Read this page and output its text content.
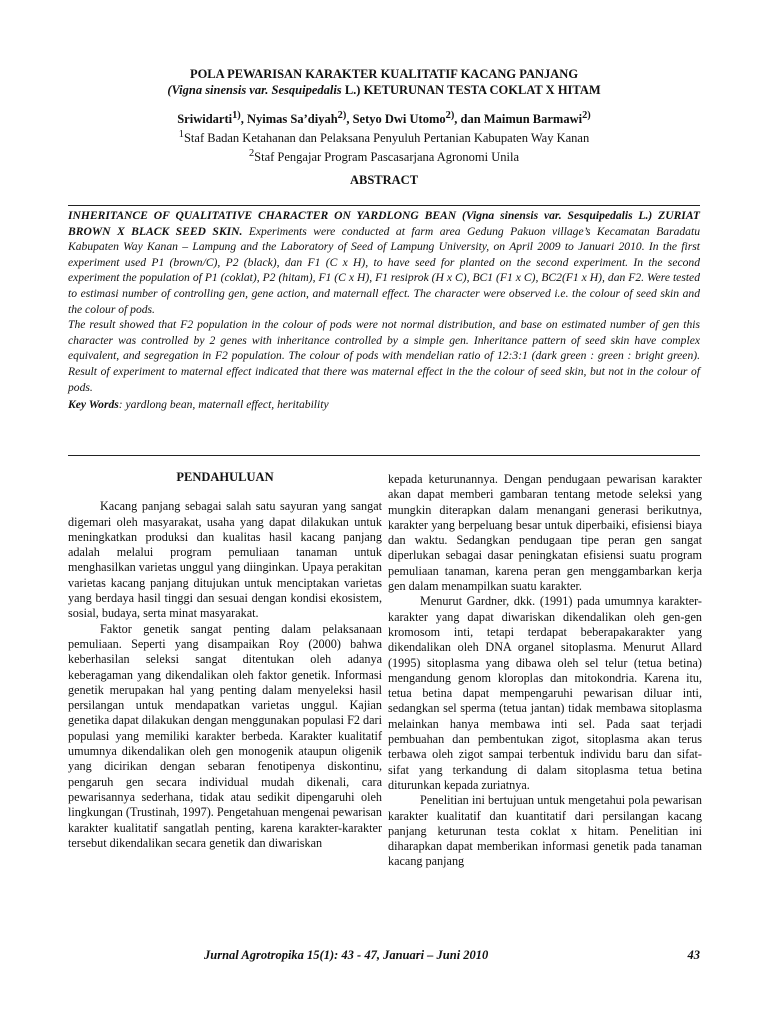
POLA PEWARISAN KARAKTER KUALITATIF KACANG PANJANG
(Vigna sinensis var. Sesquipedalis L.) KETURUNAN TESTA COKLAT X HITAM
Sriwidarti$^{1)}$, Nyimas Sa’diyah$^{2)}$, Setyo Dwi Utomo$^{2)}$, dan Maimun Barmawi$^{2)}$
$^1$Staf Badan Ketahanan dan Pelaksana Penyuluh Pertanian Kabupaten Way Kanan
$^2$Staf Pengajar Program Pascasarjana Agronomi Unila
ABSTRACT

INHERITANCE OF QUALITATIVE CHARACTER ON YARDLONG BEAN (Vigna sinensis var. Sesquipedalis L.) ZURIAT BROWN X BLACK SEED SKIN. Experiments were conducted at farm area Gedung Pakuon village’s Kecamatan Baradatu Kabupaten Way Kanan – Lampung and the Laboratory of Seed of Lampung University, on April 2009 to Januari 2010. In the first experiment used P1 (brown/C), P2 (black), dan F1 (C x H), to have seed for planted on the second experiment. In the second experiment the population of P1 (coklat), P2 (hitam), F1 (C x H), F1 resiprok (H x C), BC1 (F1 x C), BC2(F1 x H), dan F2. Were tested to estimasi number of controlling gen, gene action, and maternall effect. The character were observed i.e. the colour of seed skin and the colour of pods.

The result showed that F2 population in the colour of pods were not normal distribution, and base on estimated number of gen this character was controlled by 2 genes with inheritance controlled by a simple gen. Inheritance pattern of seed skin have complex equivalent, and segregation in F2 population. The colour of pods with mendelian ratio of 12:3:1 (dark green : green : bright green). Result of experiment to maternal effect indicated that there was maternal effect in the the colour of seed skin, but not in the colour of pods.

Key Words: yardlong bean, maternall effect, heritability

PENDAHULUAN

Kacang panjang sebagai salah satu sayuran yang sangat digemari oleh masyarakat, usaha yang dapat dilakukan untuk meningkatkan produksi dan kualitas hasil kacang panjang adalah melalui program pemuliaan tanaman untuk menghasilkan varietas unggul yang diinginkan. Upaya perakitan varietas kacang panjang ditujukan untuk menciptakan varietas yang berdaya hasil tinggi dan sesuai dengan kondisi ekosistem, sosial, budaya, serta minat masyarakat.

Faktor genetik sangat penting dalam pelaksanaan pemuliaan. Seperti yang disampaikan Roy (2000) bahwa keberhasilan seleksi sangat ditentukan oleh adanya keberagaman yang dikendalikan oleh faktor genetik. Informasi genetik merupakan hal yang penting dalam menyeleksi hasil persilangan untuk mendapatkan varietas unggul. Kajian genetika dapat dilakukan dengan menggunakan populasi F2 dari populasi yang memiliki karakter berbeda. Karakter kualitatif umumnya dikendalikan oleh gen monogenik ataupun oligenik yang dicirikan dengan sebaran fenotipenya diskontinu, pengaruh gen secara individual mudah dikenali, cara pewarisannya sederhana, tidak atau sedikit dipengaruhi oleh lingkungan (Trustinah, 1997). Pengetahuan mengenai pewarisan karakter kualitatif sangatlah penting, karena karakter-karakter tersebut dikendalikan secara genetik dan diwariskan

kepada keturunannya. Dengan pendugaan pewarisan karakter akan dapat memberi gambaran tentang metode seleksi yang mungkin diterapkan dalam menangani generasi berikutnya, karakter yang berpeluang besar untuk diperbaiki, efisiensi biaya dan waktu. Sedangkan pendugaan tipe peran gen sangat diperlukan sebagai dasar peningkatan efisiensi suatu program pemuliaan tanaman, karena peran gen menggambarkan kerja gen dalam menampilkan suatu karakter.

Menurut Gardner, dkk. (1991) pada umumnya karakter-karakter yang dapat diwariskan dikendalikan oleh gen-gen kromosom inti, tetapi terdapat beberapakarakter yang dikendalikan oleh DNA organel sitoplasma. Menurut Allard (1995) sitoplasma yang dibawa oleh sel telur (tetua betina) mengandung genom kloroplas dan mitokondria. Karena itu, tetua betina dapat mempengaruhi pewarisan diluar inti, sedangkan sel sperma (tetua jantan) tidak membawa sitoplasma melainkan hanya membawa inti sel. Pada saat terjadi pembuahan dan pembentukan zigot, sitoplasma akan terus terbawa oleh zigot sampai terbentuk individu baru dan sifat-sifat yang terkandung di dalam sitoplasma tetua betina diturunkan kepada zuriatnya.

Penelitian ini bertujuan untuk mengetahui pola pewarisan karakter kualitatif dan kuantitatif dari persilangan kacang panjang keturunan testa coklat x hitam. Penelitian ini diharapkan dapat memberikan informasi genetik pada tanaman kacang panjang

Jurnal Agrotropika 15(1): 43 - 47, Januari – Juni 2010	43
